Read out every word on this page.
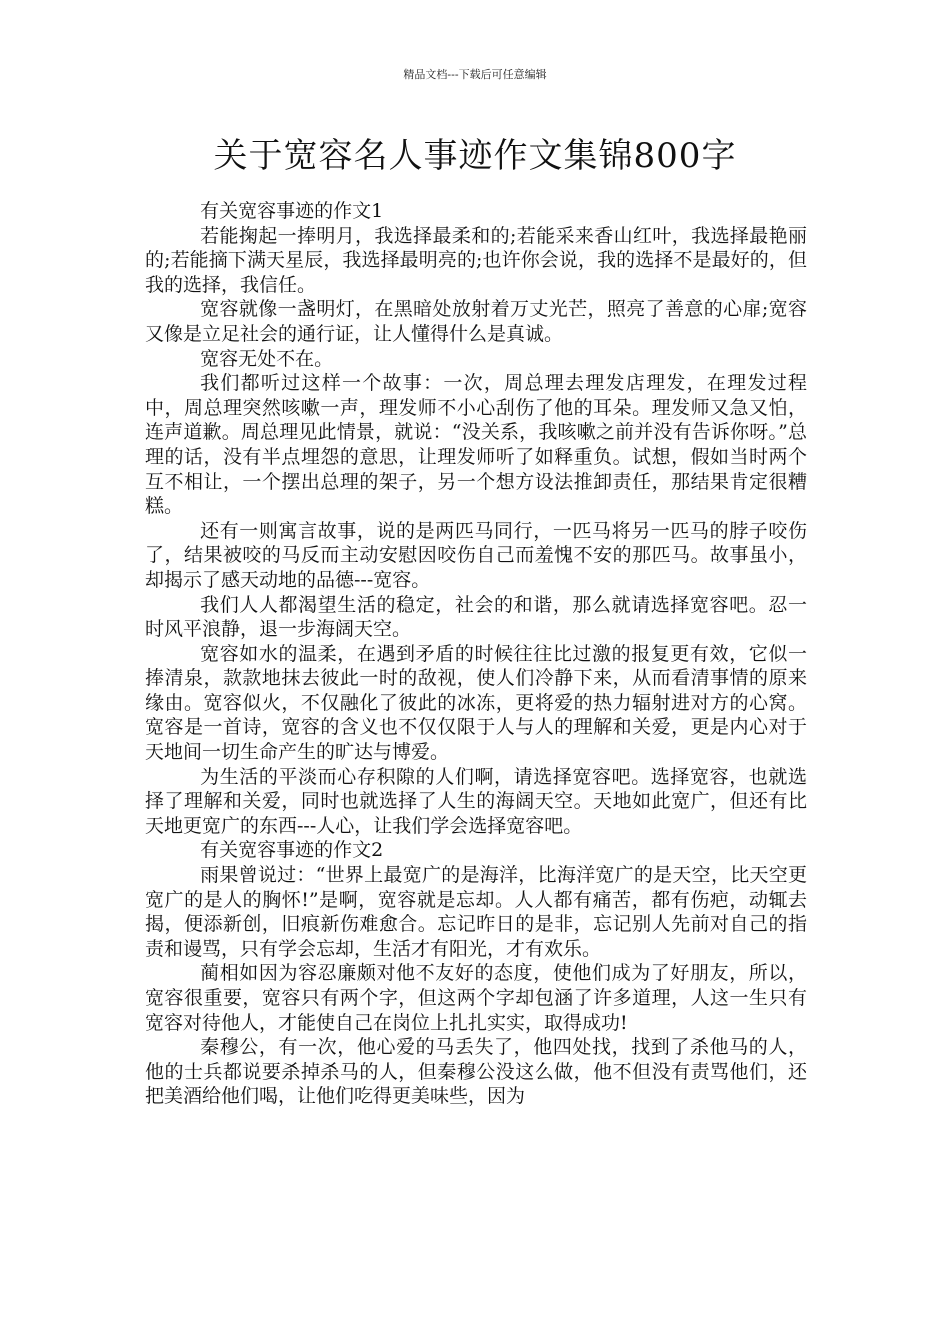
精品文档---下载后可任意编辑
关于宽容名人事迹作文集锦800字

有关宽容事迹的作文1

若能掬起一捧明月，我选择最柔和的;若能采来香山红叶，我选择最艳丽的;若能摘下满天星辰，我选择最明亮的;也许你会说，我的选择不是最好的，但我的选择，我信任。

宽容就像一盏明灯，在黑暗处放射着万丈光芒，照亮了善意的心扉;宽容又像是立足社会的通行证，让人懂得什么是真诚。

宽容无处不在。

我们都听过这样一个故事：一次，周总理去理发店理发，在理发过程中，周总理突然咳嗽一声，理发师不小心刮伤了他的耳朵。理发师又急又怕，连声道歉。周总理见此情景，就说：“没关系，我咳嗽之前并没有告诉你呀。”总理的话，没有半点埋怨的意思，让理发师听了如释重负。试想，假如当时两个互不相让，一个摆出总理的架子，另一个想方设法推卸责任，那结果肯定很糟糕。

还有一则寓言故事，说的是两匹马同行，一匹马将另一匹马的脖子咬伤了，结果被咬的马反而主动安慰因咬伤自己而羞愧不安的那匹马。故事虽小，却揭示了感天动地的品德---宽容。

我们人人都渴望生活的稳定，社会的和谐，那么就请选择宽容吧。忍一时风平浪静，退一步海阔天空。

宽容如水的温柔，在遇到矛盾的时候往往比过激的报复更有效，它似一捧清泉，款款地抹去彼此一时的敌视，使人们冷静下来，从而看清事情的原来缘由。宽容似火，不仅融化了彼此的冰冻，更将爱的热力辐射进对方的心窝。宽容是一首诗，宽容的含义也不仅仅限于人与人的理解和关爱，更是内心对于天地间一切生命产生的旷达与博爱。

为生活的平淡而心存积隙的人们啊，请选择宽容吧。选择宽容，也就选择了理解和关爱，同时也就选择了人生的海阔天空。天地如此宽广，但还有比天地更宽广的东西---人心，让我们学会选择宽容吧。

有关宽容事迹的作文2

雨果曾说过：“世界上最宽广的是海洋，比海洋宽广的是天空，比天空更宽广的是人的胸怀!”是啊，宽容就是忘却。人人都有痛苦，都有伤疤，动辄去揭，便添新创，旧痕新伤难愈合。忘记昨日的是非，忘记别人先前对自己的指责和谩骂，只有学会忘却，生活才有阳光，才有欢乐。

蔺相如因为容忍廉颇对他不友好的态度，使他们成为了好朋友，所以，宽容很重要，宽容只有两个字，但这两个字却包涵了许多道理，人这一生只有宽容对待他人，才能使自己在岗位上扎扎实实，取得成功!

秦穆公，有一次，他心爱的马丢失了，他四处找，找到了杀他马的人，他的士兵都说要杀掉杀马的人，但秦穆公没这么做，他不但没有责骂他们，还把美酒给他们喝，让他们吃得更美味些，因为
